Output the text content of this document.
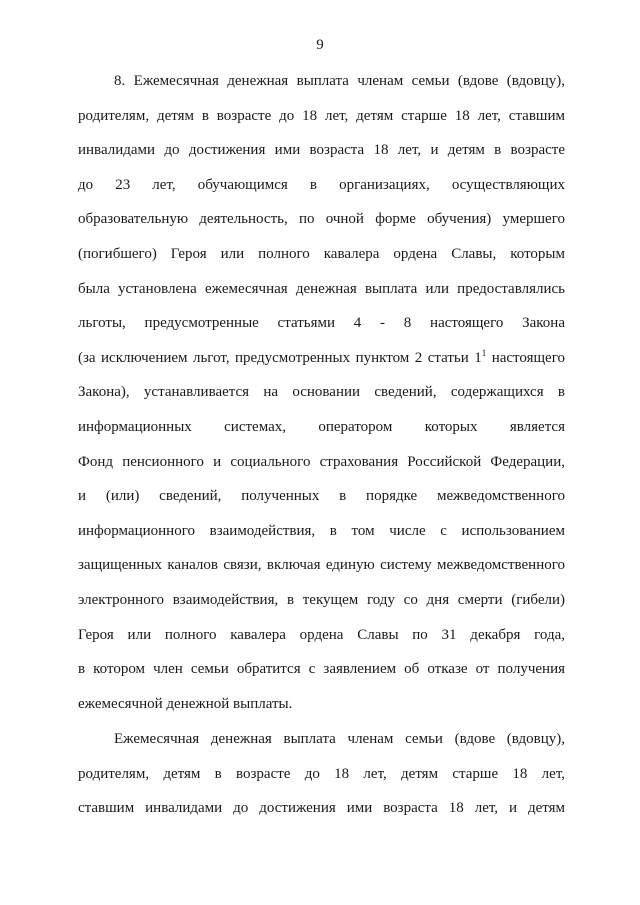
9
8. Ежемесячная денежная выплата членам семьи (вдове (вдовцу),
родителям, детям в возрасте до 18 лет, детям старше 18 лет, ставшим
инвалидами до достижения ими возраста 18 лет, и детям в возрасте
до 23 лет, обучающимся в организациях, осуществляющих
образовательную деятельность, по очной форме обучения) умершего
(погибшего) Героя или полного кавалера ордена Славы, которым
была установлена ежемесячная денежная выплата или предоставлялись
льготы, предусмотренные статьями 4 - 8 настоящего Закона
(за исключением льгот, предусмотренных пунктом 2 статьи $1^1$ настоящего
Закона), устанавливается на основании сведений, содержащихся в
информационных системах, оператором которых является
Фонд пенсионного и социального страхования Российской Федерации,
и (или) сведений, полученных в порядке межведомственного
информационного взаимодействия, в том числе с использованием
защищенных каналов связи, включая единую систему межведомственного
электронного взаимодействия, в текущем году со дня смерти (гибели)
Героя или полного кавалера ордена Славы по 31 декабря года,
в котором член семьи обратится с заявлением об отказе от получения
ежемесячной денежной выплаты.
Ежемесячная денежная выплата членам семьи (вдове (вдовцу),
родителям, детям в возрасте до 18 лет, детям старше 18 лет,
ставшим инвалидами до достижения ими возраста 18 лет, и детям
